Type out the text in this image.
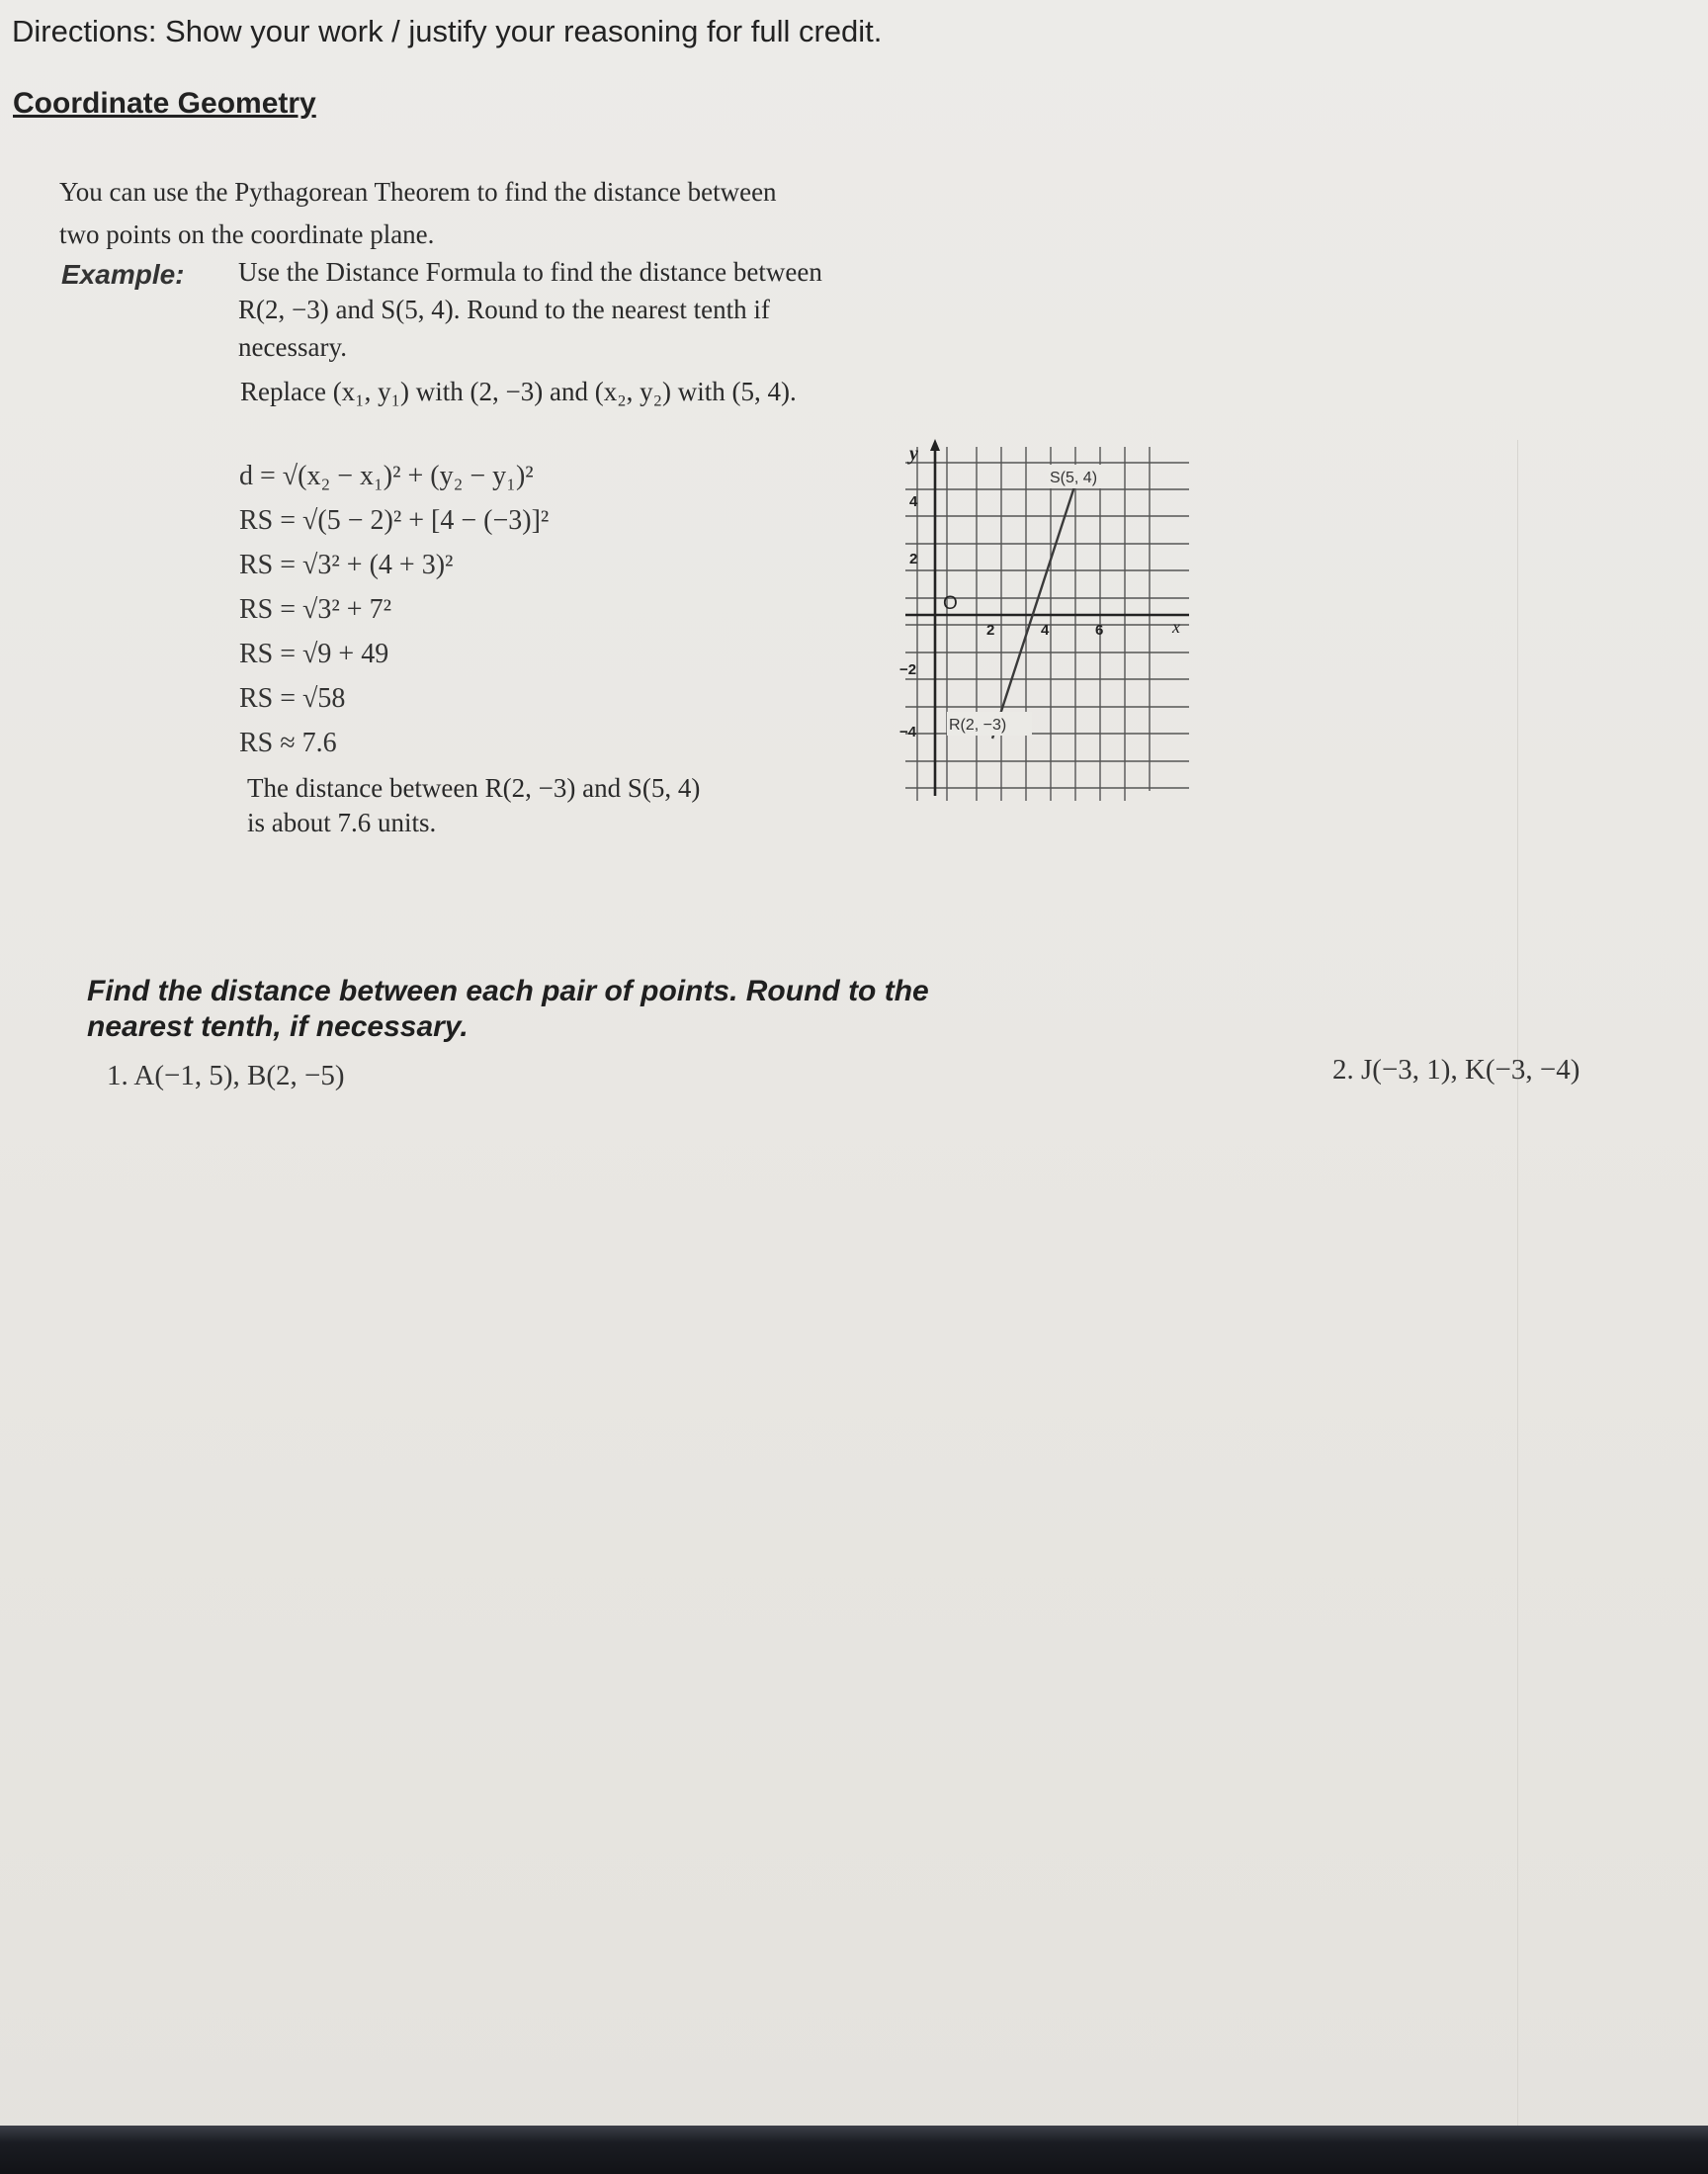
Directions: Show your work / justify your reasoning for full credit.
Coordinate Geometry
You can use the Pythagorean Theorem to find the distance between
two points on the coordinate plane.
Example: Use the Distance Formula to find the distance between
R(2, −3) and S(5, 4). Round to the nearest tenth if
necessary.
Replace (x₁, y₁) with (2, −3) and (x₂, y₂) with (5, 4).
d = √(x₂ − x₁)² + (y₂ − y₁)²
RS = √(5 − 2)² + [4 − (−3)]²
RS = √3² + (4 + 3)²
RS = √3² + 7²
RS = √9 + 49
RS = √58
RS ≈ 7.6
The distance between R(2, −3) and S(5, 4)
is about 7.6 units.
y
x
O
4
2
−2
−4
2	4	6
S(5, 4)
R(2, −3)
Find the distance between each pair of points. Round to the
nearest tenth, if necessary.
1. A(−1, 5), B(2, −5)	2. J(−3, 1), K(−3, −4)
